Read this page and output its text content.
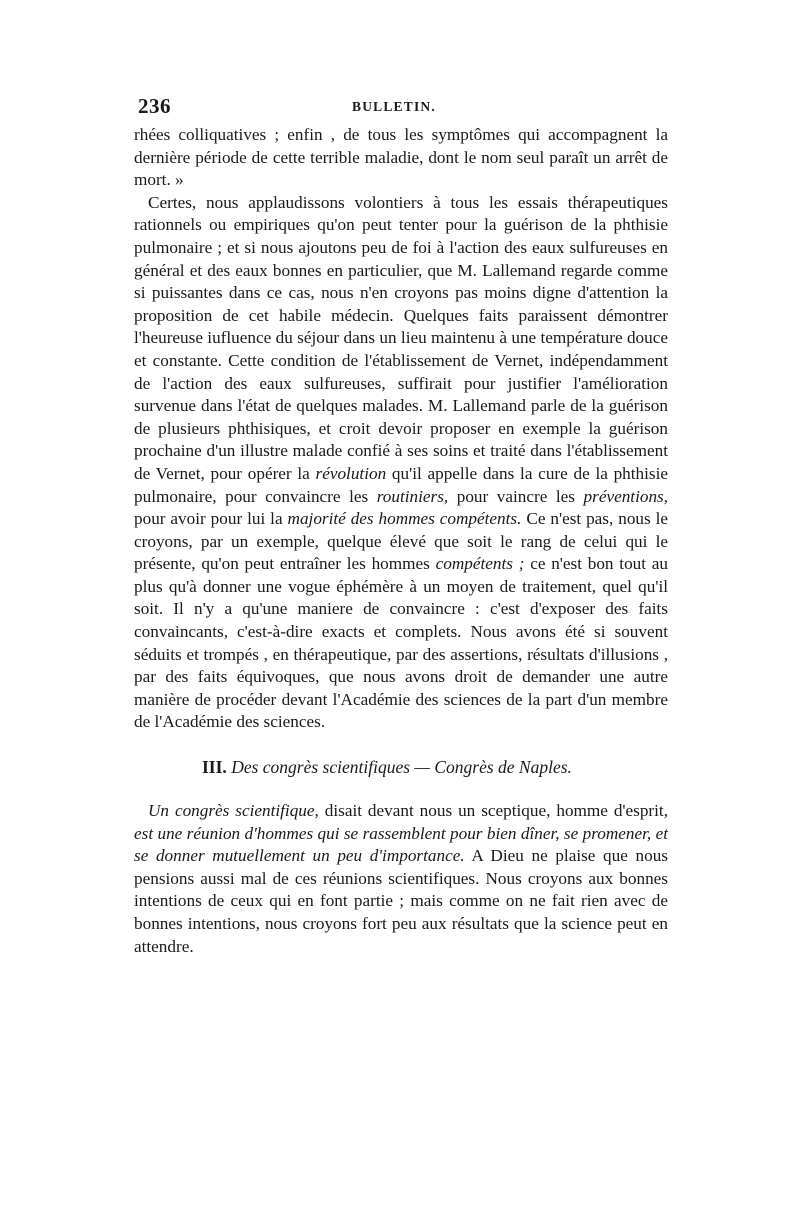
236	BULLETIN.

rhées colliquatives ; enfin , de tous les symptômes qui accompagnent la dernière période de cette terrible maladie, dont le nom seul paraît un arrêt de mort. »

Certes, nous applaudissons volontiers à tous les essais thérapeutiques rationnels ou empiriques qu'on peut tenter pour la guérison de la phthisie pulmonaire ; et si nous ajoutons peu de foi à l'action des eaux sulfureuses en général et des eaux bonnes en particulier, que M. Lallemand regarde comme si puissantes dans ce cas, nous n'en croyons pas moins digne d'attention la proposition de cet habile médecin. Quelques faits paraissent démontrer l'heureuse iufluence du séjour dans un lieu maintenu à une température douce et constante. Cette condition de l'établissement de Vernet, indépendamment de l'action des eaux sulfureuses, suffirait pour justifier l'amélioration survenue dans l'état de quelques malades. M. Lallemand parle de la guérison de plusieurs phthisiques, et croit devoir proposer en exemple la guérison prochaine d'un illustre malade confié à ses soins et traité dans l'établissement de Vernet, pour opérer la révolution qu'il appelle dans la cure de la phthisie pulmonaire, pour convaincre les routiniers, pour vaincre les préventions, pour avoir pour lui la majorité des hommes compétents. Ce n'est pas, nous le croyons, par un exemple, quelque élevé que soit le rang de celui qui le présente, qu'on peut entraîner les hommes compétents ; ce n'est bon tout au plus qu'à donner une vogue éphémère à un moyen de traitement, quel qu'il soit. Il n'y a qu'une maniere de convaincre : c'est d'exposer des faits convaincants, c'est-à-dire exacts et complets. Nous avons été si souvent séduits et trompés , en thérapeutique, par des assertions, résultats d'illusions , par des faits équivoques, que nous avons droit de demander une autre manière de procéder devant l'Académie des sciences de la part d'un membre de l'Académie des sciences.

III. Des congrès scientifiques — Congrès de Naples.

Un congrès scientifique, disait devant nous un sceptique, homme d'esprit, est une réunion d'hommes qui se rassemblent pour bien dîner, se promener, et se donner mutuellement un peu d'importance. A Dieu ne plaise que nous pensions aussi mal de ces réunions scientifiques. Nous croyons aux bonnes intentions de ceux qui en font partie ; mais comme on ne fait rien avec de bonnes intentions, nous croyons fort peu aux résultats que la science peut en attendre.
